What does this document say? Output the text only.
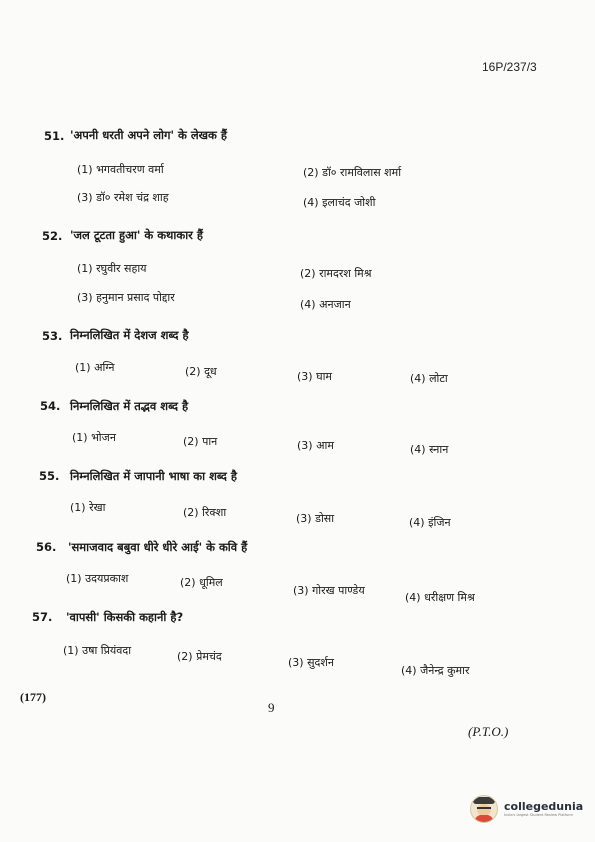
16P/237/3
51. 'अपनी धरती अपने लोग' के लेखक हैं
(1) भगवतीचरण वर्मा	(2) डॉ० रामविलास शर्मा
(3) डॉ० रमेश चंद्र शाह	(4) इलाचंद जोशी
52. 'जल टूटता हुआ' के कथाकार हैं
(1) रघुवीर सहाय	(2) रामदरश मिश्र
(3) हनुमान प्रसाद पोद्दार
(4) अनजान
53. निम्नलिखित में देशज शब्द है
(1) अग्नि	(2) दूध	(3) घाम	(4) लोटा
54. निम्नलिखित में तद्भव शब्द है
(1) भोजन	(2) पान	(3) आम	(4) स्नान
55. निम्नलिखित में जापानी भाषा का शब्द है
(1) रेखा	(2) रिक्शा	(3) डोसा	(4) इंजिन
56. 'समाजवाद बबुवा धीरे धीरे आई' के कवि हैं
(1) उदयप्रकाश	(2) धूमिल
(3) गोरख पाण्डेय
(4) धरीक्षण मिश्र
57. 'वापसी' किसकी कहानी है?
(1) उषा प्रियंवदा	(2) प्रेमचंद	(3) सुदर्शन
(4) जैनेन्द्र कुमार
(177)
9
(P.T.O.)
collegedunia
India's largest Student Review Platform
